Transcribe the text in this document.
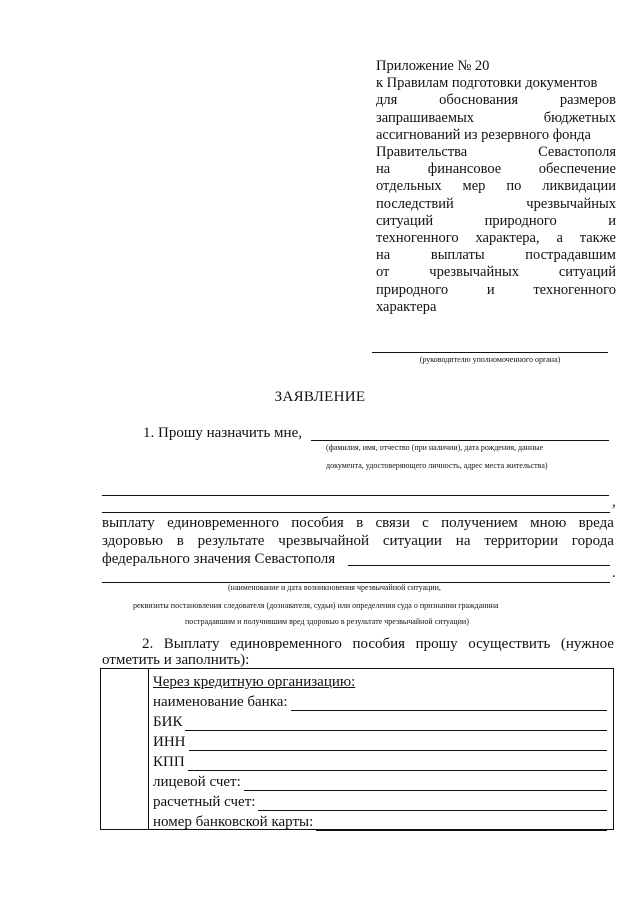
Приложение № 20
к Правилам подготовки документов
для	обоснования	размеров
запрашиваемых	бюджетных
ассигнований из резервного фонда
Правительства	Севастополя
на	финансовое	обеспечение
отдельных мер по ликвидации
последствий	чрезвычайных
ситуаций	природного	и
техногенного характера, а также
на	выплаты	пострадавшим
от	чрезвычайных	ситуаций
природного	и	техногенного
характера
(руководителю уполномоченного органа)
ЗАЯВЛЕНИЕ
1. Прошу назначить мне,
(фамилия, имя, отчество (при наличии), дата рождения, данные
документа, удостоверяющего личность, адрес места жительства)
,
выплату единовременного пособия в связи с получением мною вреда
здоровью в результате чрезвычайной ситуации на территории города
федерального значения Севастополя
.
(наименование и дата возникновения чрезвычайной ситуации,
реквизиты постановления следователя (дознавателя, судьи) или определения суда о признании гражданина
пострадавшим и получившим вред здоровью в результате чрезвычайной ситуации)
2. Выплату единовременного пособия прошу осуществить (нужное
отметить и заполнить):
Через кредитную организацию:
наименование банка:
БИК
ИНН
КПП
лицевой счет:
расчетный счет:
номер банковской карты:
